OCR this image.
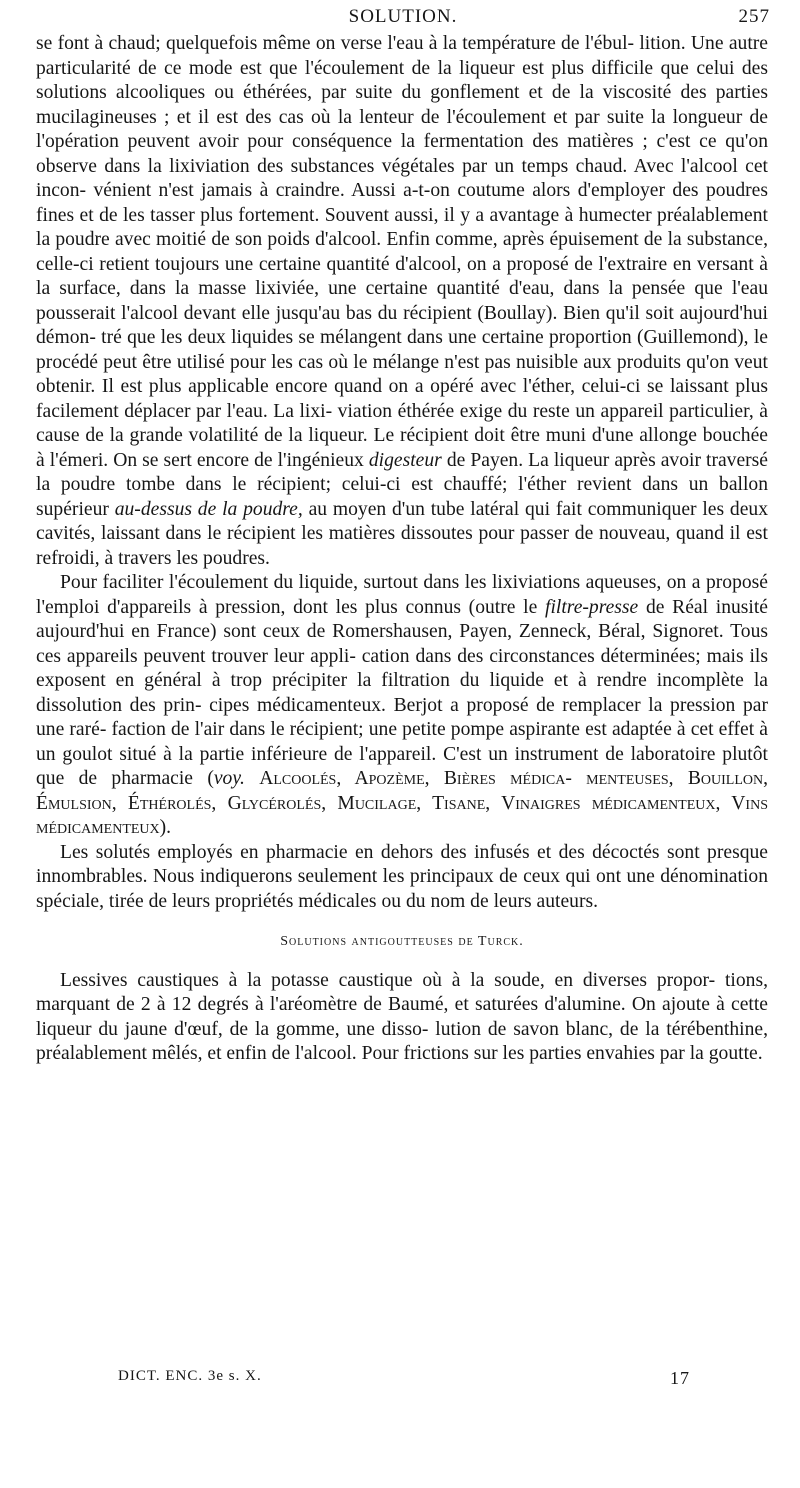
SOLUTION.	257

se font à chaud; quelquefois même on verse l'eau à la température de l'ébul- lition. Une autre particularité de ce mode est que l'écoulement de la liqueur est plus difficile que celui des solutions alcooliques ou éthérées, par suite du gonflement et de la viscosité des parties mucilagineuses ; et il est des cas où la lenteur de l'écoulement et par suite la longueur de l'opération peuvent avoir pour conséquence la fermentation des matières ; c'est ce qu'on observe dans la lixiviation des substances végétales par un temps chaud. Avec l'alcool cet incon- vénient n'est jamais à craindre. Aussi a-t-on coutume alors d'employer des poudres fines et de les tasser plus fortement. Souvent aussi, il y a avantage à humecter préalablement la poudre avec moitié de son poids d'alcool. Enfin comme, après épuisement de la substance, celle-ci retient toujours une certaine quantité d'alcool, on a proposé de l'extraire en versant à la surface, dans la masse lixiviée, une certaine quantité d'eau, dans la pensée que l'eau pousserait l'alcool devant elle jusqu'au bas du récipient (Boullay). Bien qu'il soit aujourd'hui démon- tré que les deux liquides se mélangent dans une certaine proportion (Guillemond), le procédé peut être utilisé pour les cas où le mélange n'est pas nuisible aux produits qu'on veut obtenir. Il est plus applicable encore quand on a opéré avec l'éther, celui-ci se laissant plus facilement déplacer par l'eau. La lixi- viation éthérée exige du reste un appareil particulier, à cause de la grande volatilité de la liqueur. Le récipient doit être muni d'une allonge bouchée à l'émeri. On se sert encore de l'ingénieux digesteur de Payen. La liqueur après avoir traversé la poudre tombe dans le récipient; celui-ci est chauffé; l'éther revient dans un ballon supérieur au-dessus de la poudre, au moyen d'un tube latéral qui fait communiquer les deux cavités, laissant dans le récipient les matières dissoutes pour passer de nouveau, quand il est refroidi, à travers les poudres.

Pour faciliter l'écoulement du liquide, surtout dans les lixiviations aqueuses, on a proposé l'emploi d'appareils à pression, dont les plus connus (outre le filtre-presse de Réal inusité aujourd'hui en France) sont ceux de Romershausen, Payen, Zenneck, Béral, Signoret. Tous ces appareils peuvent trouver leur appli- cation dans des circonstances déterminées; mais ils exposent en général à trop précipiter la filtration du liquide et à rendre incomplète la dissolution des prin- cipes médicamenteux. Berjot a proposé de remplacer la pression par une raré- faction de l'air dans le récipient; une petite pompe aspirante est adaptée à cet effet à un goulot situé à la partie inférieure de l'appareil. C'est un instrument de laboratoire plutôt que de pharmacie (voy. Alcoolés, Apozème, Bières médica- menteuses, Bouillon, Émulsion, Éthérolés, Glycérolés, Mucilage, Tisane, Vinaigres médicamenteux, Vins médicamenteux).

Les solutés employés en pharmacie en dehors des infusés et des décoctés sont presque innombrables. Nous indiquerons seulement les principaux de ceux qui ont une dénomination spéciale, tirée de leurs propriétés médicales ou du nom de leurs auteurs.

Solutions antigoutteuses de Turck.

Lessives caustiques à la potasse caustique où à la soude, en diverses propor- tions, marquant de 2 à 12 degrés à l'aréomètre de Baumé, et saturées d'alumine. On ajoute à cette liqueur du jaune d'œuf, de la gomme, une disso- lution de savon blanc, de la térébenthine, préalablement mêlés, et enfin de l'alcool. Pour frictions sur les parties envahies par la goutte.

DICT. ENC. 3e s. X.	17
